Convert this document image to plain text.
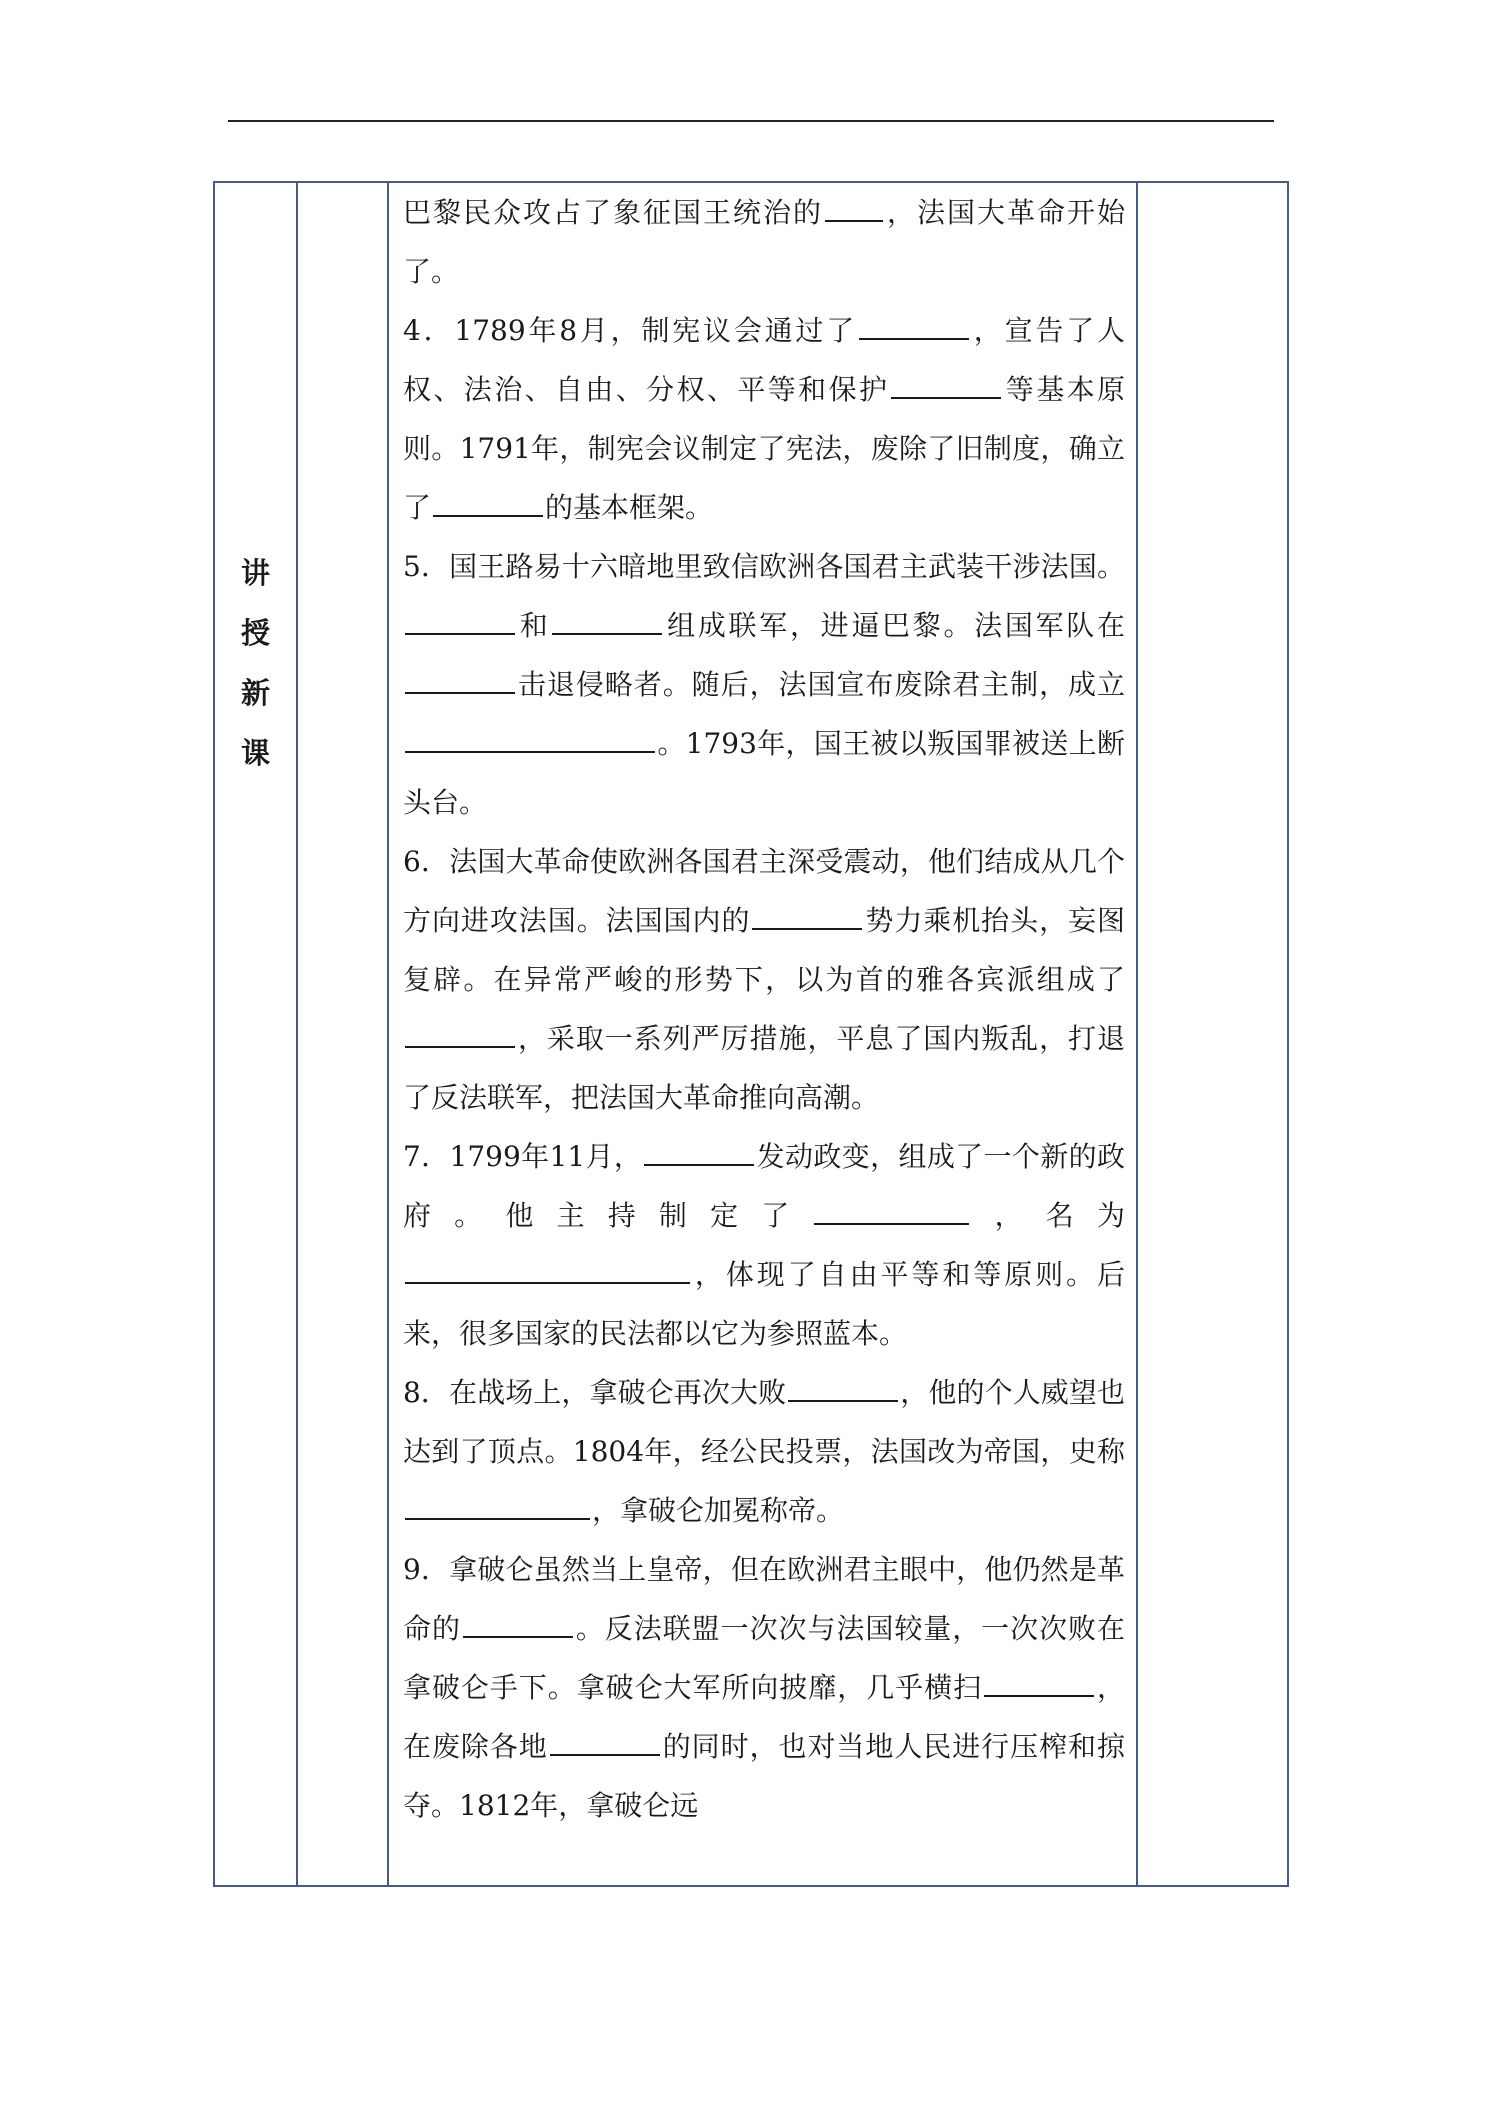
讲
授
新
课

巴黎民众攻占了象征国王统治的 ，法国大革命开始了。

4．1789年8月，制宪议会通过了	，宣告了人权、法治、自由、分权、平等和保护	等基本原则。1791年，制宪会议制定了宪法，废除了旧制度，确立了	的基本框架。

5．国王路易十六暗地里致信欧洲各国君主武装干涉法国。和	组成联军，进逼巴黎。法国军队在击退侵略者。随后，法国宣布废除君主制，成立。1793年，国王被以叛国罪被送上断头台。

6．法国大革命使欧洲各国君主深受震动，他们结成从几个方向进攻法国。法国国内的	势力乘机抬头，妄图复辟。在异常严峻的形势下，以为首的雅各宾派组成了，采取一系列严厉措施，平息了国内叛乱，打退了反法联军，把法国大革命推向高潮。

7．1799年11月，	发动政变，组成了一个新的政府。他主持制定了	，名为，体现了自由平等和等原则。后来，很多国家的民法都以它为参照蓝本。

8．在战场上，拿破仑再次大败	，他的个人威望也达到了顶点。1804年，经公民投票，法国改为帝国，史称，拿破仑加冕称帝。

9．拿破仑虽然当上皇帝，但在欧洲君主眼中，他仍然是革命的	。反法联盟一次次与法国较量，一次次败在拿破仑手下。拿破仑大军所向披靡，几乎横扫	，在废除各地	的同时，也对当地人民进行压榨和掠夺。1812年，拿破仑远
